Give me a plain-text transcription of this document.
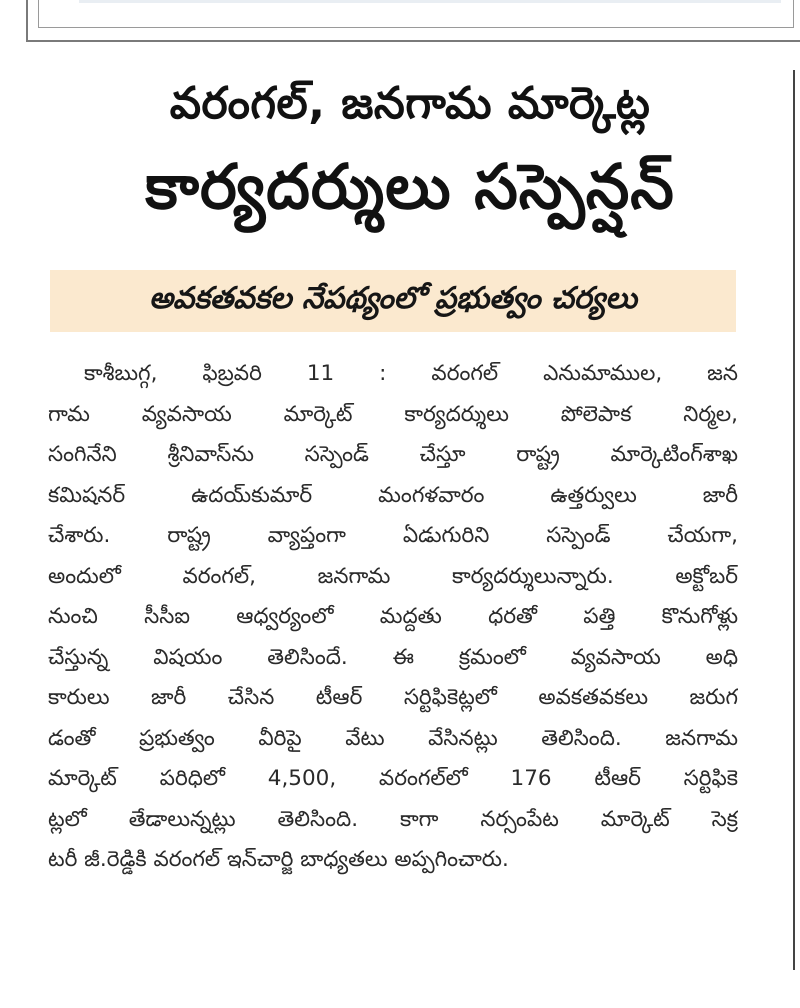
వరంగల్, జనగామ మార్కెట్ల
కార్యదర్శులు సస్పెన్షన్
అవకతవకల నేపథ్యంలో ప్రభుత్వం చర్యలు
కాశీబుగ్గ, ఫిబ్రవరి 11 : వరంగల్ ఎనుమాముల, జన
గామ వ్యవసాయ మార్కెట్ కార్యదర్శులు పోలెపాక నిర్మల,
సంగినేని శ్రీనివాస్‌ను సస్పెండ్ చేస్తూ రాష్ట్ర మార్కెటింగ్‌శాఖ
కమిషనర్ ఉదయ్‌కుమార్ మంగళవారం ఉత్తర్వులు జారీ
చేశారు. రాష్ట్ర వ్యాప్తంగా ఏడుగురిని సస్పెండ్ చేయగా,
అందులో వరంగల్, జనగామ కార్యదర్శులున్నారు. అక్టోబర్
నుంచి సీసీఐ ఆధ్వర్యంలో మద్దతు ధరతో పత్తి కొనుగోళ్లు
చేస్తున్న విషయం తెలిసిందే. ఈ క్రమంలో వ్యవసాయ అధి
కారులు జారీ చేసిన టీఆర్ సర్టిఫికెట్లలో అవకతవకలు జరుగ
డంతో ప్రభుత్వం వీరిపై వేటు వేసినట్లు తెలిసింది. జనగామ
మార్కెట్ పరిధిలో 4,500, వరంగల్‌లో 176 టీఆర్ సర్టిఫికె
ట్లలో తేడాలున్నట్లు తెలిసింది. కాగా నర్సంపేట మార్కెట్ సెక్ర
టరీ జీ.రెడ్డికి వరంగల్ ఇన్‌చార్జి బాధ్యతలు అప్పగించారు.
